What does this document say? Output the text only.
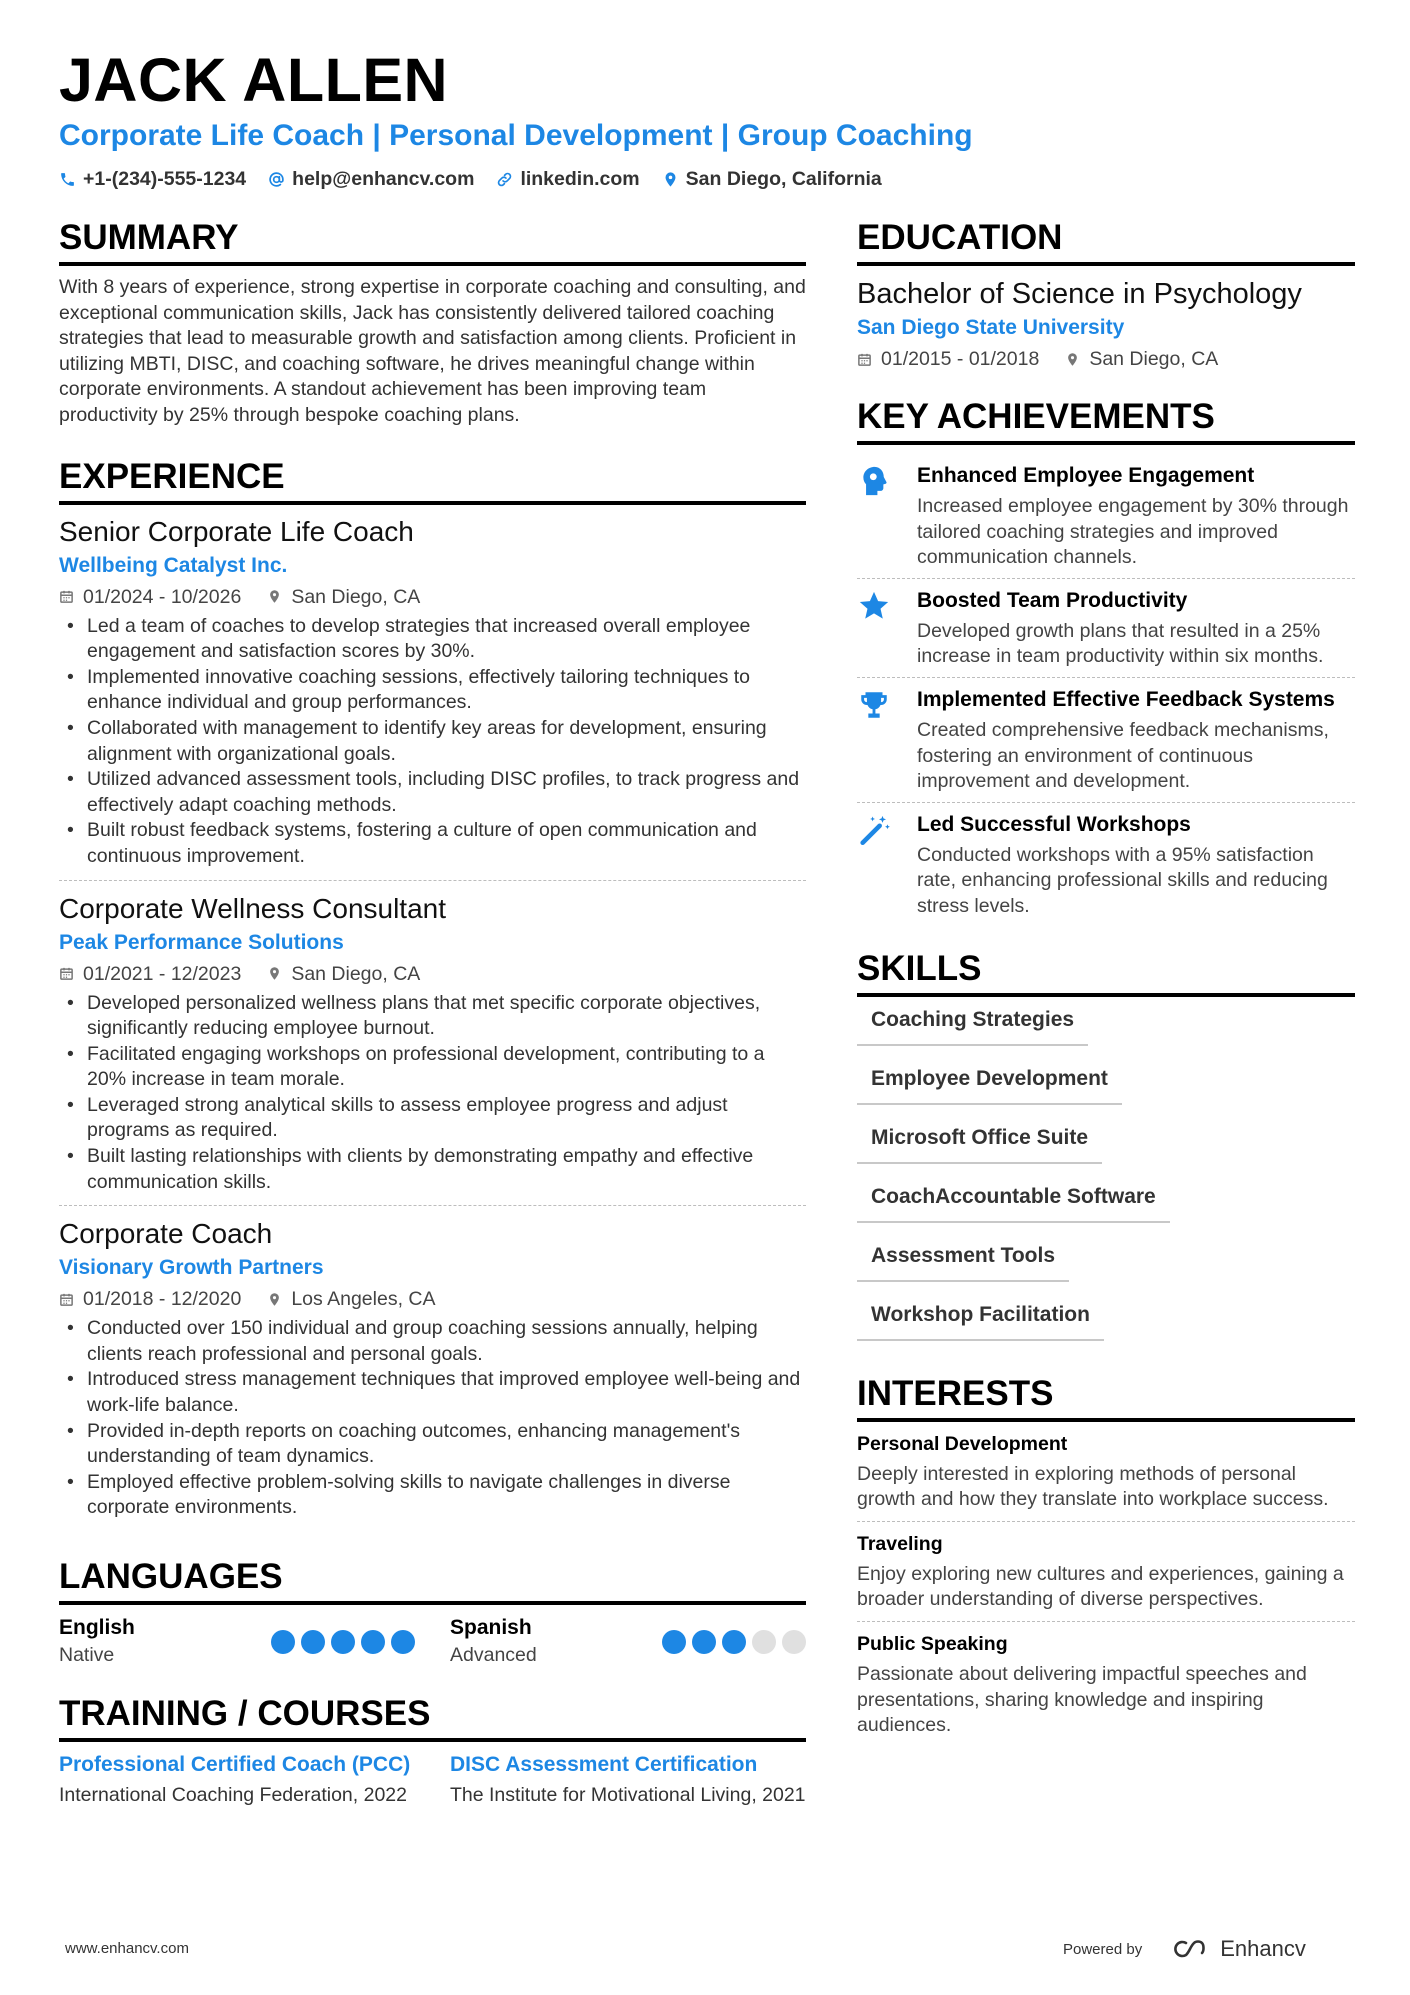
JACK ALLEN
Corporate Life Coach | Personal Development | Group Coaching
+1-(234)-555-1234 help@enhancv.com linkedin.com San Diego, California
SUMMARY

With 8 years of experience, strong expertise in corporate coaching and consulting, and exceptional communication skills, Jack has consistently delivered tailored coaching strategies that lead to measurable growth and satisfaction among clients. Proficient in utilizing MBTI, DISC, and coaching software, he drives meaningful change within corporate environments. A standout achievement has been improving team productivity by 25% through bespoke coaching plans.

EXPERIENCE
Senior Corporate Life Coach
Wellbeing Catalyst Inc.
01/2024 - 10/2026	San Diego, CA
• Led a team of coaches to develop strategies that increased overall employee engagement and satisfaction scores by 30%.
• Implemented innovative coaching sessions, effectively tailoring techniques to enhance individual and group performances.
• Collaborated with management to identify key areas for development, ensuring alignment with organizational goals.
• Utilized advanced assessment tools, including DISC profiles, to track progress and effectively adapt coaching methods.
• Built robust feedback systems, fostering a culture of open communication and continuous improvement.
Corporate Wellness Consultant
Peak Performance Solutions
01/2021 - 12/2023	San Diego, CA
• Developed personalized wellness plans that met specific corporate objectives, significantly reducing employee burnout.
• Facilitated engaging workshops on professional development, contributing to a 20% increase in team morale.
• Leveraged strong analytical skills to assess employee progress and adjust programs as required.
• Built lasting relationships with clients by demonstrating empathy and effective communication skills.
Corporate Coach
Visionary Growth Partners
01/2018 - 12/2020	Los Angeles, CA
• Conducted over 150 individual and group coaching sessions annually, helping clients reach professional and personal goals.
• Introduced stress management techniques that improved employee well-being and work-life balance.
• Provided in-depth reports on coaching outcomes, enhancing management's understanding of team dynamics.
• Employed effective problem-solving skills to navigate challenges in diverse corporate environments.
LANGUAGES
English
Native
Spanish
Advanced
TRAINING / COURSES
Professional Certified Coach (PCC)
International Coaching Federation, 2022
DISC Assessment Certification
The Institute for Motivational Living, 2021
EDUCATION
Bachelor of Science in Psychology
San Diego State University
01/2015 - 01/2018	San Diego, CA
KEY ACHIEVEMENTS
Enhanced Employee Engagement
Increased employee engagement by 30% through tailored coaching strategies and improved communication channels.
Boosted Team Productivity
Developed growth plans that resulted in a 25% increase in team productivity within six months.
Implemented Effective Feedback Systems
Created comprehensive feedback mechanisms, fostering an environment of continuous improvement and development.
Led Successful Workshops
Conducted workshops with a 95% satisfaction rate, enhancing professional skills and reducing stress levels.
SKILLS
Coaching Strategies
Employee Development
Microsoft Office Suite
CoachAccountable Software
Assessment Tools
Workshop Facilitation
INTERESTS
Personal Development
Deeply interested in exploring methods of personal growth and how they translate into workplace success.
Traveling
Enjoy exploring new cultures and experiences, gaining a broader understanding of diverse perspectives.
Public Speaking
Passionate about delivering impactful speeches and presentations, sharing knowledge and inspiring audiences.
www.enhancv.com	Powered by	Enhancv
